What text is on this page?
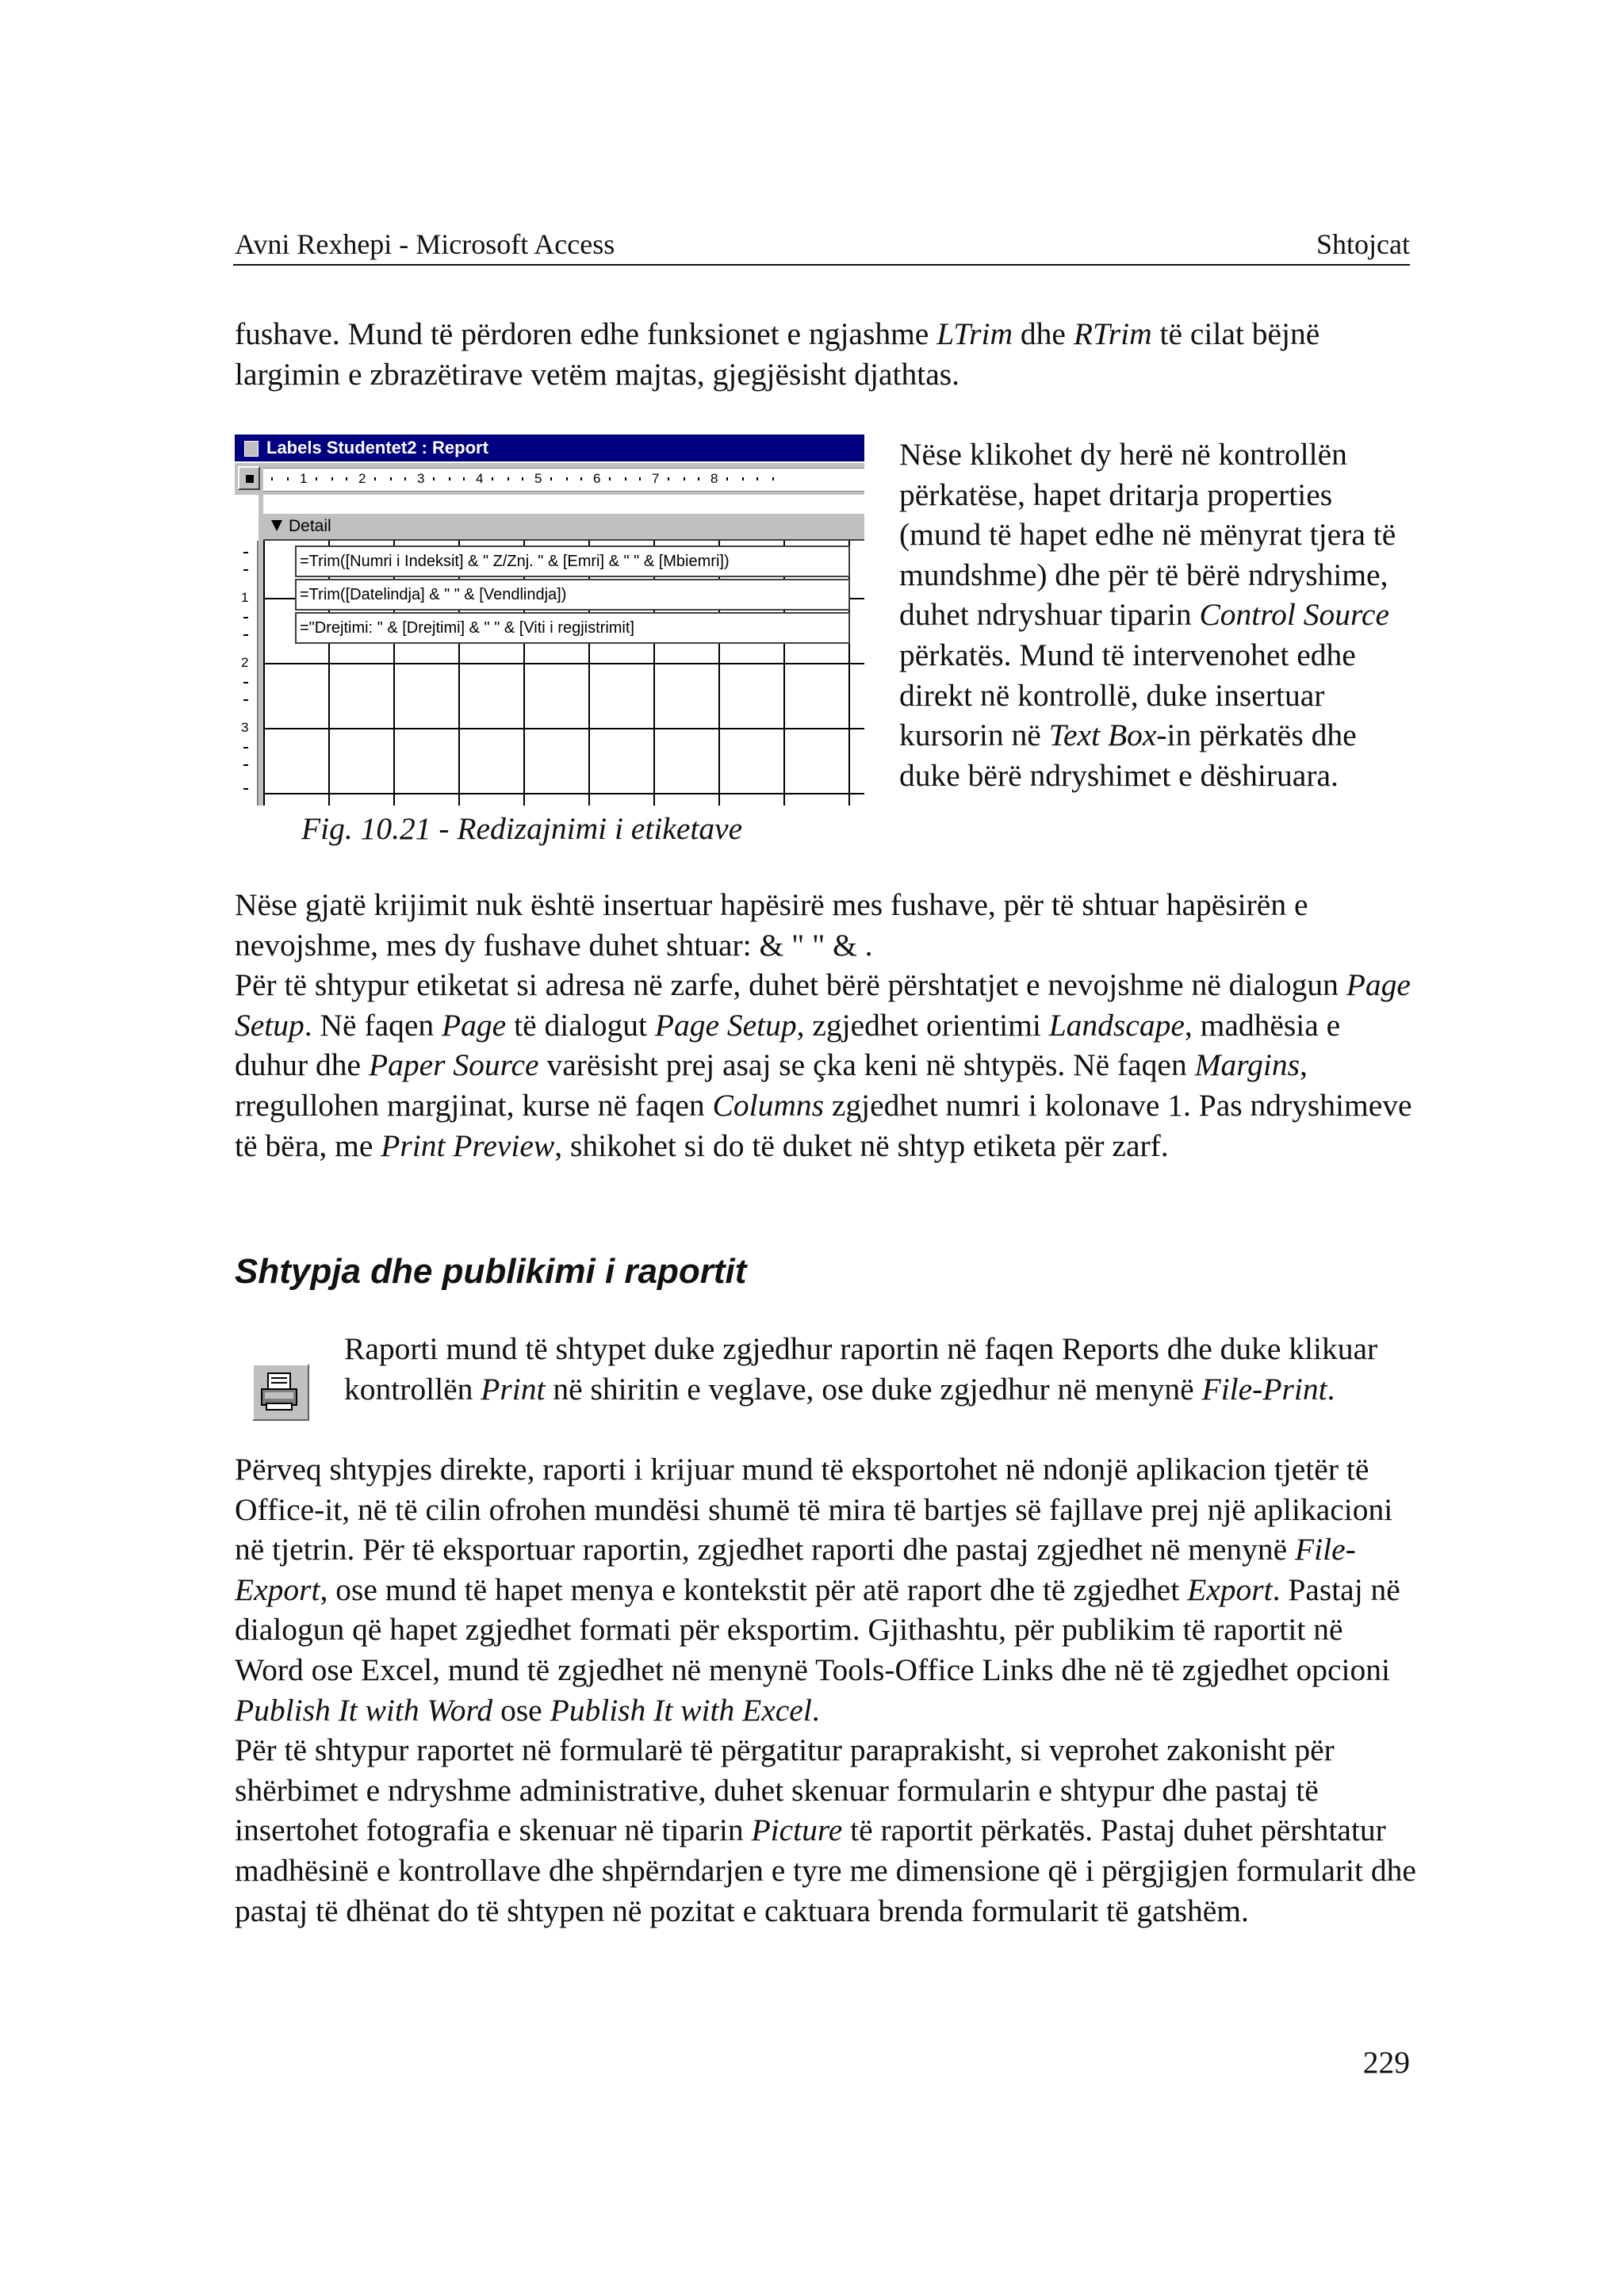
Avni Rexhepi - Microsoft Access	Shtojcat

fushave. Mund të përdoren edhe funksionet e ngjashme LTrim dhe RTrim të cilat bëjnë largimin e zbrazëtirave vetëm majtas, gjegjësisht djathtas.

Labels Studentet2 : Report
1	2	3	4	5	6	7	8
Detail
1
2
3
=Trim([Numri i Indeksit] & " Z/Znj. " & [Emri] & " " & [Mbiemri])
=Trim([Datelindja] & " " & [Vendlindja])
="Drejtimi: " & [Drejtimi] & " " & [Viti i regjistrimit]
Fig. 10.21 - Redizajnimi i etiketave

Nëse klikohet dy herë në kontrollën përkatëse, hapet dritarja properties (mund të hapet edhe në mënyrat tjera të mundshme) dhe për të bërë ndryshime, duhet ndryshuar tiparin Control Source përkatës. Mund të intervenohet edhe direkt në kontrollë, duke insertuar kursorin në Text Box-in përkatës dhe duke bërë ndryshimet e dëshiruara.

Nëse gjatë krijimit nuk është insertuar hapësirë mes fushave, për të shtuar hapësirën e nevojshme, mes dy fushave duhet shtuar: & " " & .

Për të shtypur etiketat si adresa në zarfe, duhet bërë përshtatjet e nevojshme në dialogun Page Setup. Në faqen Page të dialogut Page Setup, zgjedhet orientimi Landscape, madhësia e duhur dhe Paper Source varësisht prej asaj se çka keni në shtypës. Në faqen Margins, rregullohen margjinat, kurse në faqen Columns zgjedhet numri i kolonave 1. Pas ndryshimeve të bëra, me Print Preview, shikohet si do të duket në shtyp etiketa për zarf.

Shtypja dhe publikimi i raportit

Raporti mund të shtypet duke zgjedhur raportin në faqen Reports dhe duke klikuar kontrollën Print në shiritin e veglave, ose duke zgjedhur në menynë File-Print.

Përveq shtypjes direkte, raporti i krijuar mund të eksportohet në ndonjë aplikacion tjetër të Office-it, në të cilin ofrohen mundësi shumë të mira të bartjes së fajllave prej një aplikacioni në tjetrin. Për të eksportuar raportin, zgjedhet raporti dhe pastaj zgjedhet në menynë File-Export, ose mund të hapet menya e kontekstit për atë raport dhe të zgjedhet Export. Pastaj në dialogun që hapet zgjedhet formati për eksportim. Gjithashtu, për publikim të raportit në Word ose Excel, mund të zgjedhet në menynë Tools-Office Links dhe në të zgjedhet opcioni Publish It with Word ose Publish It with Excel.

Për të shtypur raportet në formularë të përgatitur paraprakisht, si veprohet zakonisht për shërbimet e ndryshme administrative, duhet skenuar formularin e shtypur dhe pastaj të insertohet fotografia e skenuar në tiparin Picture të raportit përkatës. Pastaj duhet përshtatur madhësinë e kontrollave dhe shpërndarjen e tyre me dimensione që i përgjigjen formularit dhe pastaj të dhënat do të shtypen në pozitat e caktuara brenda formularit të gatshëm.

229
